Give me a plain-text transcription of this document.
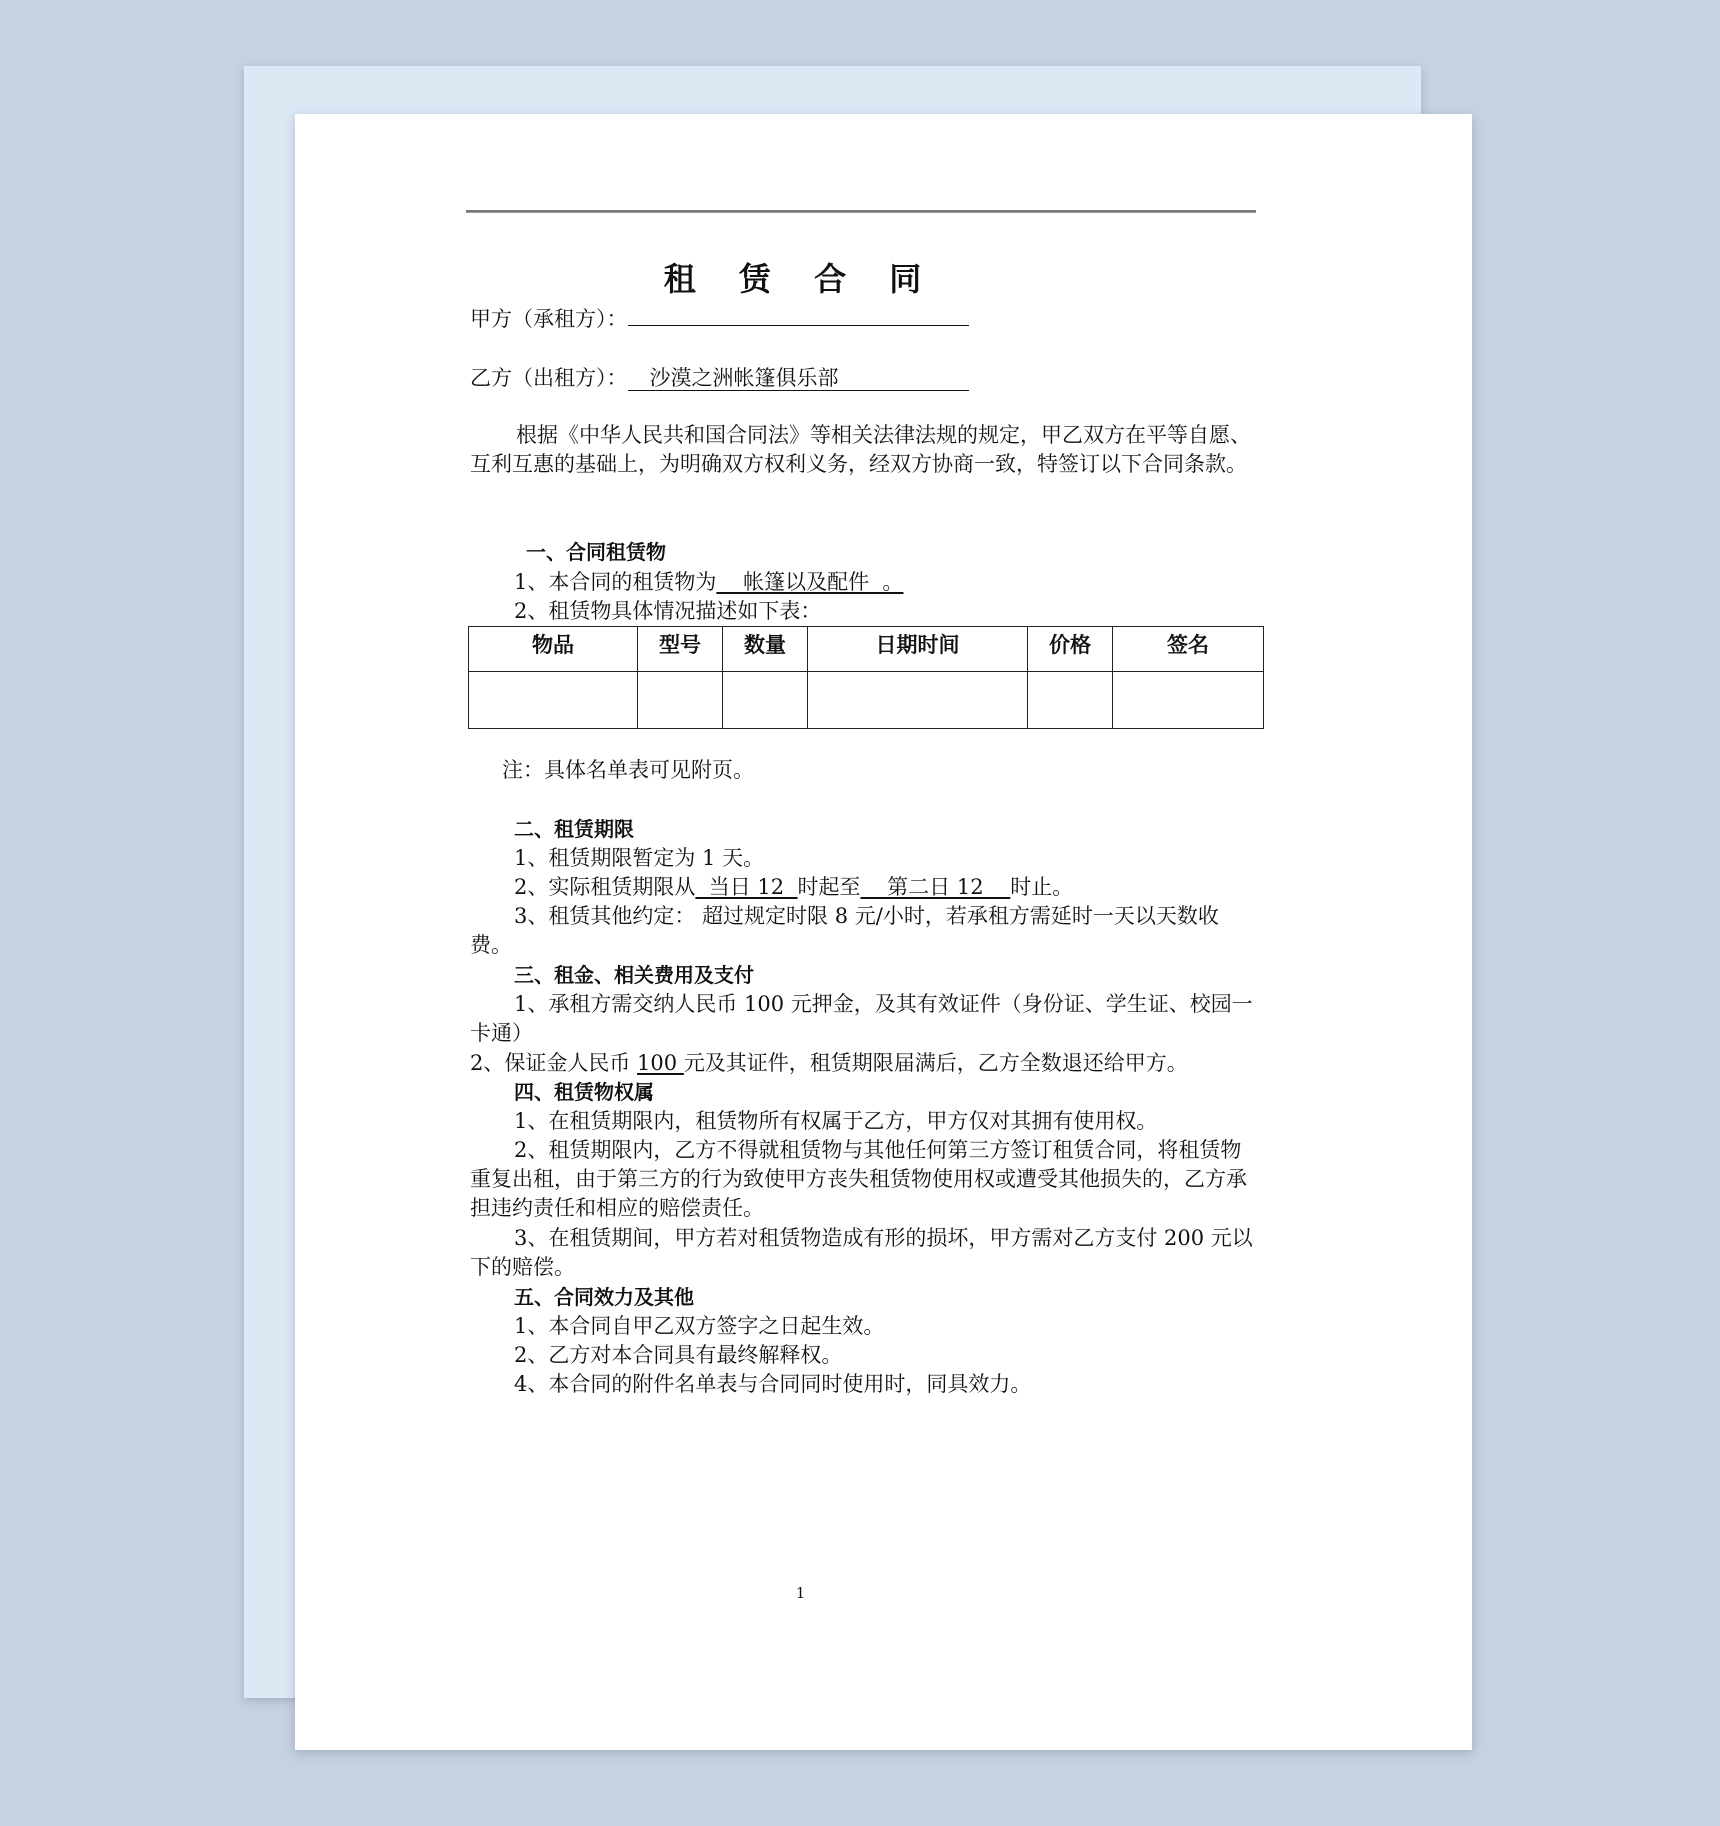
租 赁 合 同
甲方（承租方）：
乙方（出租方）： 沙漠之洲帐篷俱乐部
根据《中华人民共和国合同法》等相关法律法规的规定，甲乙双方在平等自愿、互利互惠的基础上，为明确双方权利义务，经双方协商一致，特签订以下合同条款。
一、合同租赁物
1、本合同的租赁物为    帐篷以及配件  。
2、租赁物具体情况描述如下表：
物品	型号	数量	日期时间	价格	签名

注：具体名单表可见附页。
二、租赁期限
1、租赁期限暂定为 1 天。
2、实际租赁期限从  当日 12  时起至    第二日 12    时止。
3、租赁其他约定： 超过规定时限 8 元/小时，若承租方需延时一天以天数收费。
三、租金、相关费用及支付
1、承租方需交纳人民币 100 元押金，及其有效证件（身份证、学生证、校园一卡通）
2、保证金人民币 100 元及其证件，租赁期限届满后，乙方全数退还给甲方。
四、租赁物权属
1、在租赁期限内，租赁物所有权属于乙方，甲方仅对其拥有使用权。
2、租赁期限内，乙方不得就租赁物与其他任何第三方签订租赁合同，将租赁物重复出租，由于第三方的行为致使甲方丧失租赁物使用权或遭受其他损失的，乙方承担违约责任和相应的赔偿责任。
3、在租赁期间，甲方若对租赁物造成有形的损坏，甲方需对乙方支付 200 元以下的赔偿。
五、合同效力及其他
1、本合同自甲乙双方签字之日起生效。
2、乙方对本合同具有最终解释权。
4、本合同的附件名单表与合同同时使用时，同具效力。
1
